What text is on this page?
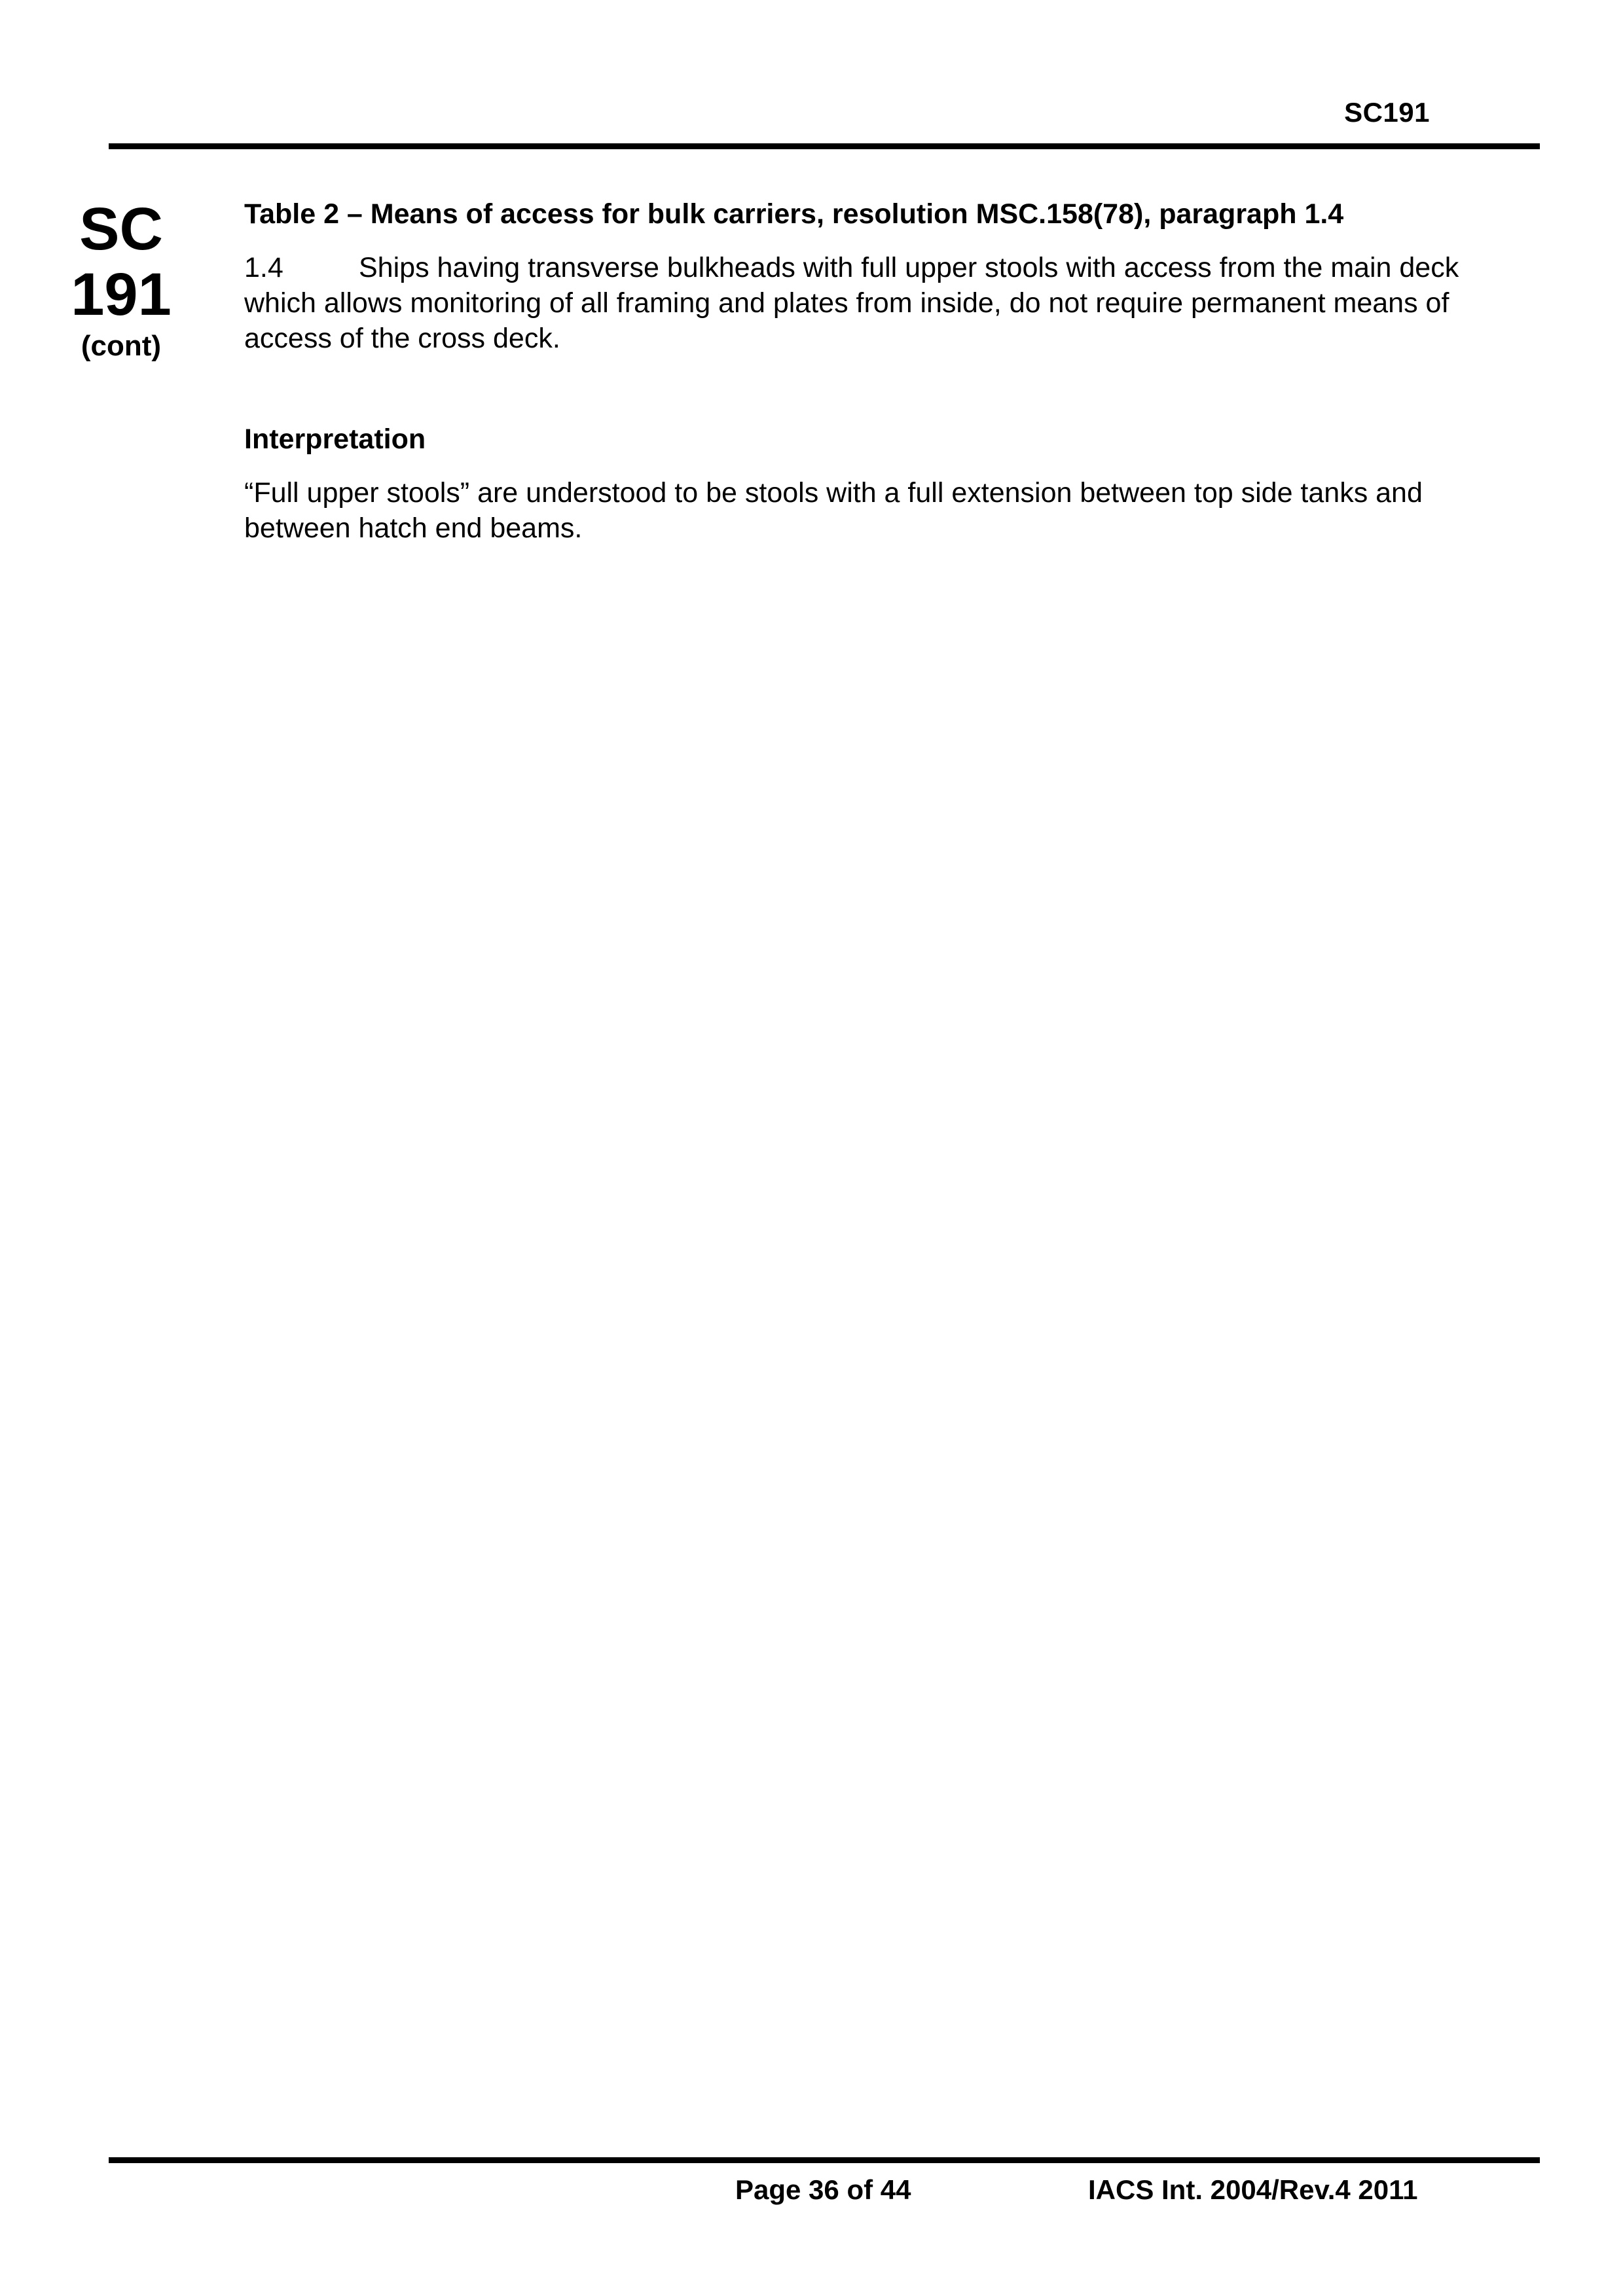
SC191
SC
191
(cont)

Table 2 – Means of access for bulk carriers, resolution MSC.158(78), paragraph 1.4

1.4	Ships having transverse bulkheads with full upper stools with access from the main deck which allows monitoring of all framing and plates from inside, do not require permanent means of access of the cross deck.

Interpretation

“Full upper stools” are understood to be stools with a full extension between top side tanks and between hatch end beams.

Page 36 of 44	IACS Int. 2004/Rev.4 2011
